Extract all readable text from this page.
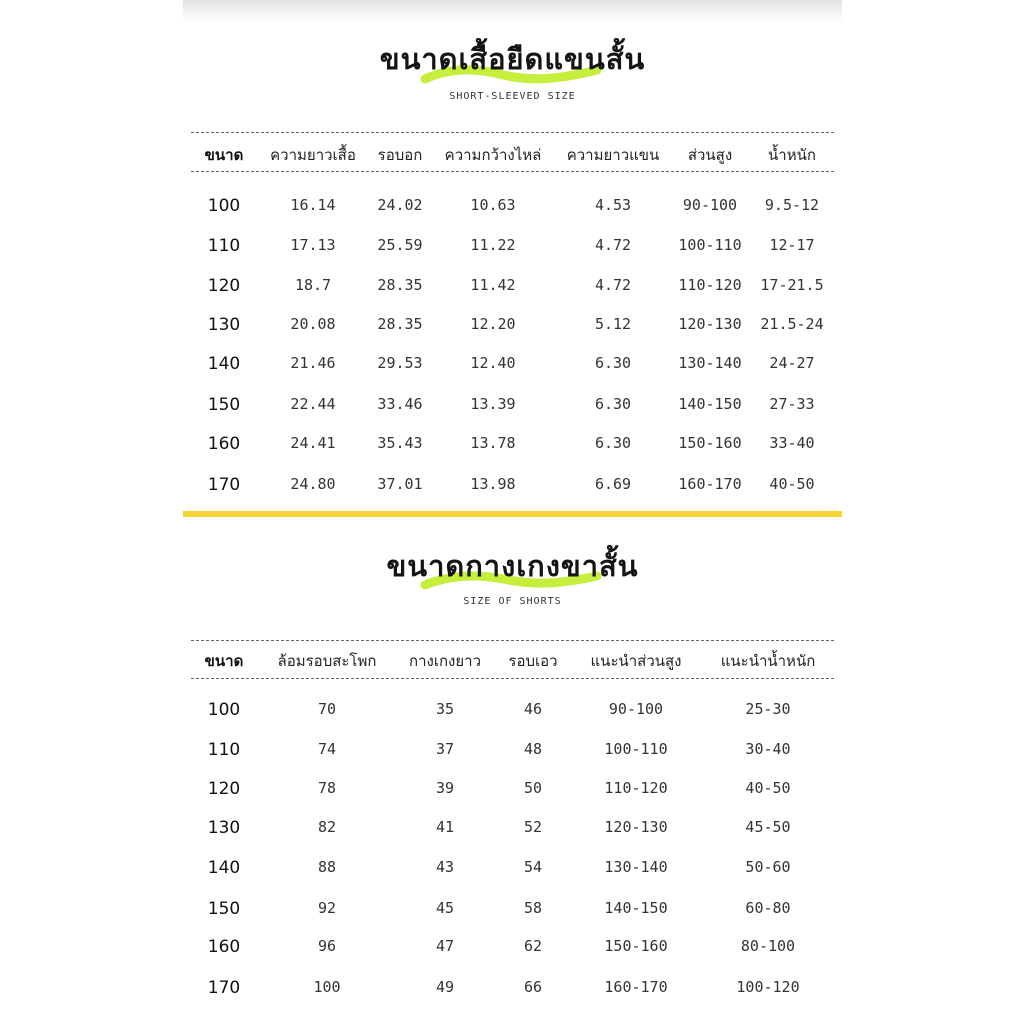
ขนาดเสื้อยืดแขนสั้น
SHORT-SLEEVED SIZE
ขนาด ความยาวเสื้อ รอบอก ความกว้างไหล่ ความยาวแขน ส่วนสูง น้ำหนัก
100	16.14	24.02	10.63	4.53	90-100 9.5-12
110	17.13	25.59	11.22	4.72	100-110 12-17
120	18.7	28.35	11.42	4.72	110-120 17-21.5
130	20.08	28.35	12.20	5.12	120-130 21.5-24
140	21.46	29.53	12.40	6.30	130-140 24-27
150	22.44	33.46	13.39	6.30	140-150 27-33
160	24.41	35.43	13.78	6.30	150-160 33-40
170	24.80	37.01	13.98	6.69	160-170 40-50
ขนาดกางเกงขาสั้น
SIZE OF SHORTS
ขนาด ล้อมรอบสะโพก กางเกงยาว รอบเอว แนะนำส่วนสูง	แนะนำน้ำหนัก
100	70	35	46	90-100	25-30
110	74	37	48	100-110	30-40
120	78	39	50	110-120	40-50
130	82	41	52	120-130	45-50
140	88	43	54	130-140	50-60
150	92	45	58	140-150	60-80
160	96	47	62	150-160	80-100
170	100	49	66	160-170	100-120
